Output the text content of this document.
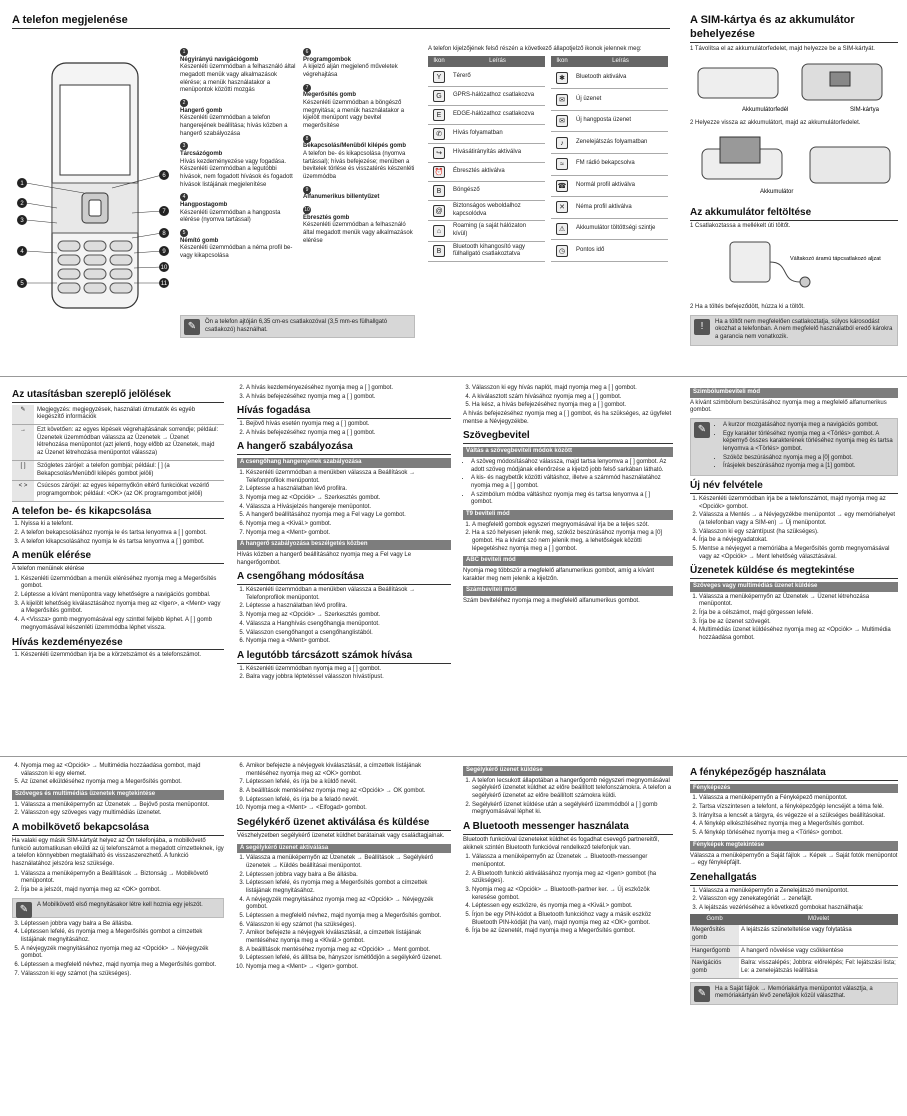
A telefon megjelenése
1
2
3
4
5
6
7
8
9
10
11
1
Négyirányú navigációgomb
Készenléti üzemmódban a felhasználó által megadott menük vagy alkalmazások elérése; a menük használatakor a menüpontok közötti mozgás
2
Hangerő gomb
Készenléti üzemmódban a telefon hangerejének beállítása; hívás közben a hangerő szabályozása
3
Tárcsázógomb
Hívás kezdeményezése vagy fogadása. Készenléti üzemmódban a legutóbbi hívások, nem fogadott hívások és fogadott hívások listájának megjelenítése
4
Hangpostagomb
Készenléti üzemmódban a hangposta elérése (nyomva tartással)
5
Némító gomb
Készenléti üzemmódban a néma profil be- vagy kikapcsolása
6
Programgombok
A kijelző alján megjelenő műveletek végrehajtása
7
Megerősítés gomb
Készenléti üzemmódban a böngésző megnyitása; a menük használatakor a kijelölt menüpont vagy bevitel megerősítése
8
Bekapcsolás/Menüből kilépés gomb
A telefon be- és kikapcsolása (nyomva tartással); hívás befejezése; menüben a bevitelek törlése és visszatérés készenléti üzemmódba
9
Alfanumerikus billentyűzet
10
Ébresztés gomb
Készenléti üzemmódban a felhasználó által megadott menük vagy alkalmazások elérése
✎	Ön a telefon ajtóján 6,35 cm-es csatlakozóval (3,5 mm-es fülhallgató csatlakozó) használhat.

A telefon kijelzőjének felső részén a következő állapotjelző ikonok jelennek meg:

Ikon	Leírás
Y	Térerő
G	GPRS-hálózathoz csatlakozva
E	EDGE-hálózathoz csatlakozva
✆	Hívás folyamatban
↪	Hívásátirányítás aktiválva
⏰	Ébresztés aktiválva
B	Böngésző
@	Biztonságos weboldalhoz kapcsolódva
⌂	Roaming (a saját hálózaton kívül)
B	Bluetooth kihangosító vagy fülhallgató csatlakoztatva
Ikon	Leírás
✱	Bluetooth aktiválva
✉	Új üzenet
✉	Új hangposta üzenet
♪	Zenelejátszás folyamatban
≈	FM rádió bekapcsolva
☎	Normál profil aktiválva
✕	Néma profil aktiválva
⚠	Akkumulátor töltöttségi szintje
◷	Pontos idő
A SIM-kártya és az akkumulátor behelyezése

1 Távolítsa el az akkumulátorfedelet, majd helyezze be a SIM-kártyát.

Akkumulátorfedél	SIM-kártya

2 Helyezze vissza az akkumulátort, majd az akkumulátorfedelet.

Akkumulátor
Az akkumulátor feltöltése

1 Csatlakoztassa a mellékelt úti töltőt.

Váltakozó áramú tápcsatlakozó aljzat

2 Ha a töltés befejeződött, húzza ki a töltőt.

!	Ha a töltőt nem megfelelően csatlakoztatja, súlyos károsodást okozhat a telefonban. A nem megfelelő használatból eredő károkra a garancia nem vonatkozik.
Az utasításban szereplő jelölések
✎	Megjegyzés: megjegyzések, használati útmutatók és egyéb kiegészítő információk
→	Ezt követően: az egyes lépések végrehajtásának sorrendje; például: Üzenetek üzemmódban válassza az Üzenetek → Üzenet létrehozása menüpontot (azt jelenti, hogy előbb az Üzenetek, majd az Üzenet létrehozása menüpontot válassza)
[ ]	Szögletes zárójel: a telefon gombjai; például: [ ] (a Bekapcsolás/Menüből kilépés gombot jelöli)
< >	Csúcsos zárójel: az egyes képernyőkön eltérő funkciókat vezérlő programgombok; például: <OK> (az OK programgombot jelöli)
A telefon be- és kikapcsolása
1. Nyissa ki a telefont.
2. A telefon bekapcsolásához nyomja le és tartsa lenyomva a [ ] gombot.
3. A telefon kikapcsolásához nyomja le és tartsa lenyomva a [ ] gombot.
A menük elérése

A telefon menüinek elérése

1. Készenléti üzemmódban a menük eléréséhez nyomja meg a Megerősítés gombot.
2. Léptesse a kívánt menüpontra vagy lehetőségre a navigációs gombbal.
3. A kijelölt lehetőség kiválasztásához nyomja meg az <Igen>, a <Ment> vagy a Megerősítés gombot.
4. A <Vissza> gomb megnyomásával egy szinttel feljebb léphet. A [ ] gomb megnyomásával készenléti üzemmódba léphet vissza.
Hívás kezdeményezése
1. Készenléti üzemmódban írja be a körzetszámot és a telefonszámot.
2. A hívás kezdeményezéséhez nyomja meg a [ ] gombot.
3. A hívás befejezéséhez nyomja meg a [ ] gombot.
Hívás fogadása
1. Bejövő hívás esetén nyomja meg a [ ] gombot.
2. A hívás befejezéséhez nyomja meg a [ ] gombot.
A hangerő szabályozása
A csengőhang hangerejének szabályozása
1. Készenléti üzemmódban a menükben válassza a Beállítások → Telefonprofilok menüpontot.
2. Léptesse a használatban lévő profilra.
3. Nyomja meg az <Opciók> → Szerkesztés gombot.
4. Válassza a Hívásjelzés hangereje menüpontot.
5. A hangerő beállításához nyomja meg a Fel vagy Le gombot.
6. Nyomja meg a <Kivál.> gombot.
7. Nyomja meg a <Ment> gombot.
A hangerő szabályozása beszélgetés közben

Hívás közben a hangerő beállításához nyomja meg a Fel vagy Le hangerőgombot.

A csengőhang módosítása
1. Készenléti üzemmódban a menükben válassza a Beállítások → Telefonprofilok menüpontot.
2. Léptesse a használatban lévő profilra.
3. Nyomja meg az <Opciók> → Szerkesztés gombot.
4. Válassza a Hanghívás csengőhangja menüpontot.
5. Válasszon csengőhangot a csengőhanglistából.
6. Nyomja meg a <Ment> gombot.
A legutóbb tárcsázott számok hívása
1. Készenléti üzemmódban nyomja meg a [ ] gombot.
2. Balra vagy jobbra léptetéssel válasszon hívástípust.
3. Válasszon ki egy hívás naplót, majd nyomja meg a [ ] gombot.
4. A kiválasztott szám hívásához nyomja meg a [ ] gombot.
5. Ha kész, a hívás befejezéséhez nyomja meg a [ ] gombot.

A hívás befejezéséhez nyomja meg a [ ] gombot, és ha szükséges, az ügyfelet mentse a Névjegyzékbe.

Szövegbevitel
Váltás a szövegbeviteli módok között
• A szöveg módosításához válassza, majd tartsa lenyomva a [ ] gombot. Az adott szöveg módjának ellenőrzése a kijelző jobb felső sarkában látható.
• A kis- és nagybetűk közötti váltáshoz, illetve a számmód használatához nyomja meg a [ ] gombot.
• A szimbólum módba váltáshoz nyomja meg és tartsa lenyomva a [ ] gombot.
T9 beviteli mód
1. A megfelelő gombok egyszeri megnyomásával írja be a teljes szót.
2. Ha a szó helyesen jelenik meg, szóköz beszúrásához nyomja meg a [0] gombot. Ha a kívánt szó nem jelenik meg, a lehetőségek közötti lépegetéshez nyomja meg a [ ] gombot.
ABC beviteli mód

Nyomja meg többször a megfelelő alfanumerikus gombot, amíg a kívánt karakter meg nem jelenik a kijelzőn.

Számbeviteli mód

Szám beviteléhez nyomja meg a megfelelő alfanumerikus gombot.

Szimbólumbeviteli mód

A kívánt szimbólum beszúrásához nyomja meg a megfelelő alfanumerikus gombot.

✎	• A kurzor mozgatásához nyomja meg a navigációs gombot.
• Egy karakter törléséhez nyomja meg a <Törlés> gombot. A képernyő összes karakterének törléséhez nyomja meg és tartsa lenyomva a <Törlés> gombot.
• Szóköz beszúrásához nyomja meg a [0] gombot.
• Írásjelek beszúrásához nyomja meg a [1] gombot.
Új név felvétele
1. Készenléti üzemmódban írja be a telefonszámot, majd nyomja meg az <Opciók> gombot.
2. Válassza a Mentés → a Névjegyzékbe menüpontot → egy memóriahelyet (a telefonban vagy a SIM-en) → Új menüpontot.
3. Válasszon ki egy számtípust (ha szükséges).
4. Írja be a névjegyadatokat.
5. Mentse a névjegyet a memóriába a Megerősítés gomb megnyomásával vagy az <Opciók> → Ment lehetőség választásával.
Üzenetek küldése és megtekintése
Szöveges vagy multimédiás üzenet küldése
1. Válassza a menüképernyőn az Üzenetek → Üzenet létrehozása menüpontot.
2. Írja be a célszámot, majd görgessen lefelé.
3. Írja be az üzenet szövegét.
4. Multimédiás üzenet küldéséhez nyomja meg az <Opciók> → Multimédia hozzáadása gombot.
4. Nyomja meg az <Opciók> → Multimédia hozzáadása gombot, majd válasszon ki egy elemet.
5. Az üzenet elküldéséhez nyomja meg a Megerősítés gombot.
Szöveges és multimédiás üzenetek megtekintése
1. Válassza a menüképernyőn az Üzenetek → Bejövő posta menüpontot.
2. Válasszon egy szöveges vagy multimédiás üzenetet.
A mobilkövető bekapcsolása

Ha valaki egy másik SIM-kártyát helyez az Ön telefonjába, a mobilkövető funkció automatikusan elküldi az új telefonszámot a megadott címzetteknek, így a telefon könnyebben megtalálható és visszaszerezhető. A funkció használatához jelszóra lesz szüksége.

1. Válassza a menüképernyőn a Beállítások → Biztonság → Mobilkövető menüpontot.
2. Írja be a jelszót, majd nyomja meg az <OK> gombot.
✎	A Mobilkövető első megnyitásakor létre kell hoznia egy jelszót.
3. Léptessen jobbra vagy balra a Be állásba.
4. Léptessen lefelé, és nyomja meg a Megerősítés gombot a címzettek listájának megnyitásához.
5. A névjegyzék megnyitásához nyomja meg az <Opciók> → Névjegyzék gombot.
6. Léptessen a megfelelő névhez, majd nyomja meg a Megerősítés gombot.
7. Válasszon ki egy számot (ha szükséges).
6. Amikor befejezte a névjegyek kiválasztását, a címzettek listájának mentéséhez nyomja meg az <OK> gombot.
7. Léptessen lefelé, és írja be a küldő nevét.
8. A beállítások mentéséhez nyomja meg az <Opciók> → OK gombot.
9. Léptessen lefelé, és írja be a feladó nevét.
10. Nyomja meg a <Ment> → <Elfogad> gombot.
Segélykérő üzenet aktiválása és küldése

Vészhelyzetben segélykérő üzenetet küldhet barátainak vagy családtagjainak.

A segélykérő üzenet aktiválása
1. Válassza a menüképernyőn az Üzenetek → Beállítások → Segélykérő üzenetek → Küldés beállításai menüpontot.
2. Léptessen jobbra vagy balra a Be állásba.
3. Léptessen lefelé, és nyomja meg a Megerősítés gombot a címzettek listájának megnyitásához.
4. A névjegyzék megnyitásához nyomja meg az <Opciók> → Névjegyzék gombot.
5. Léptessen a megfelelő névhez, majd nyomja meg a Megerősítés gombot.
6. Válasszon ki egy számot (ha szükséges).
7. Amikor befejezte a névjegyek kiválasztását, a címzettek listájának mentéséhez nyomja meg a <Kivál.> gombot.
8. A beállítások mentéséhez nyomja meg az <Opciók> → Ment gombot.
9. Léptessen lefelé, és állítsa be, hányszor ismétlődjön a segélykérő üzenet.
10. Nyomja meg a <Ment> → <Igen> gombot.
Segélykérő üzenet küldése
1. A telefon lecsukott állapotában a hangerőgomb négyszeri megnyomásával segélykérő üzenetet küldhet az előre beállított telefonszámokra. A telefon a segélykérő üzenetet az előre beállított számokra küldi.
2. Segélykérő üzenet küldése után a segélykérő üzemmódból a [ ] gomb megnyomásával léphet ki.
A Bluetooth messenger használata

Bluetooth funkcióval üzeneteket küldhet és fogadhat csevegő partnereitől, akiknek szintén Bluetooth funkcióval rendelkező telefonjuk van.

1. Válassza a menüképernyőn az Üzenetek → Bluetooth-messenger menüpontot.
2. A Bluetooth funkció aktiválásához nyomja meg az <Igen> gombot (ha szükséges).
3. Nyomja meg az <Opciók> → Bluetooth-partner ker. → Új eszközök keresése gombot.
4. Léptessen egy eszközre, és nyomja meg a <Kivál.> gombot.
5. Írjon be egy PIN-kódot a Bluetooth funkcióhoz vagy a másik eszköz Bluetooth PIN-kódját (ha van), majd nyomja meg az <OK> gombot.
6. Írja be az üzenetét, majd nyomja meg a Megerősítés gombot.
A fényképezőgép használata
Fényképezés
1. Válassza a menüképernyőn a Fényképező menüpontot.
2. Tartsa vízszintesen a telefont, a fényképezőgép lencséjét a téma felé.
3. Irányítsa a lencsét a tárgyra, és végezze el a szükséges beállításokat.
4. A fénykép elkészítéséhez nyomja meg a Megerősítés gombot.
5. A fénykép törléséhez nyomja meg a <Törlés> gombot.
Fényképek megtekintése

Válassza a menüképernyőn a Saját fájlok → Képek → Saját fotók menüpontot → egy fényképfájlt.

Zenehallgatás
1. Válassza a menüképernyőn a Zenelejátszó menüpontot.
2. Válasszon egy zenekategóriát → zenefájlt.
3. A lejátszás vezérléséhez a következő gombokat használhatja:
Gomb	Művelet
Megerősítés gomb	A lejátszás szüneteltetése vagy folytatása
Hangerőgomb	A hangerő növelése vagy csökkentése
Navigációs gomb	Balra: visszalépés; Jobbra: előrelépés; Fel: lejátszási lista; Le: a zenelejátszás leállítása
✎	Ha a Saját fájlok → Memóriakártya menüpontot választja, a memóriakártyán lévő zenefájlok közül választhat.
